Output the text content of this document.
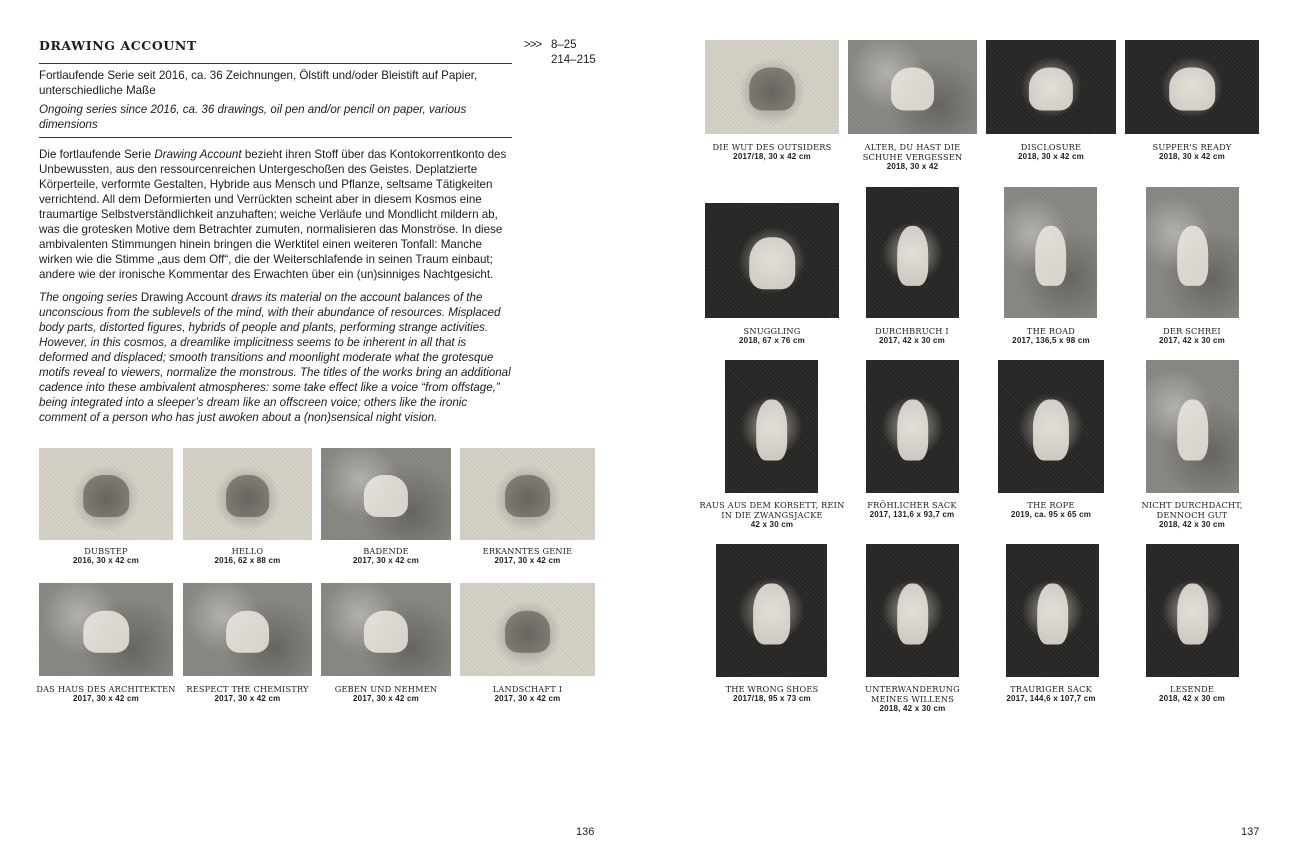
DRAWING ACCOUNT	>>> 8–25
214–215
Fortlaufende Serie seit 2016, ca. 36 Zeichnungen, Ölstift und/oder Bleistift auf Papier, unterschiedliche Maße
Ongoing series since 2016, ca. 36 drawings, oil pen and/or pencil on paper, various dimensions
Die fortlaufende Serie Drawing Account bezieht ihren Stoff über das Kontokorrentkonto des Unbewussten, aus den ressourcenreichen Untergeschoßen des Geistes. Deplatzierte Körperteile, verformte Gestalten, Hybride aus Mensch und Pflanze, seltsame Tätigkeiten verrichtend. All dem Deformierten und Verrückten scheint aber in diesem Kosmos eine traumartige Selbstverständlichkeit anzuhaften; weiche Verläufe und Mondlicht mildern ab, was die grotesken Motive dem Betrachter zumuten, normalisieren das Monströse. In diese ambivalenten Stimmungen hinein bringen die Werktitel einen weiteren Tonfall: Manche wirken wie die Stimme „aus dem Off“, die der Weiterschlafende in seinen Traum einbaut; andere wie der ironische Kommentar des Erwachten über ein (un)sinniges Nachtgesicht.
The ongoing series Drawing Account draws its material on the account balances of the unconscious from the sublevels of the mind, with their abundance of resources. Misplaced body parts, distorted figures, hybrids of people and plants, performing strange activities. However, in this cosmos, a dreamlike implicitness seems to be inherent in all that is deformed and displaced; smooth transitions and moonlight moderate what the grotesque motifs reveal to viewers, normalize the monstrous. The titles of the works bring an additional cadence into these ambivalent atmospheres: some take effect like a voice “from offstage,” being integrated into a sleeper’s dream like an offscreen voice; others like the ironic comment of a person who has just awoken about a (non)sensical night vision.
DUBSTEP
2016, 30 x 42 cm
HELLO
2016, 62 x 88 cm
BADENDE
2017, 30 x 42 cm
ERKANNTES GENIE
2017, 30 x 42 cm
DAS HAUS DES ARCHITEKTEN
2017, 30 x 42 cm
RESPECT THE CHEMISTRY
2017, 30 x 42 cm
GEBEN UND NEHMEN
2017, 30 x 42 cm
LANDSCHAFT I
2017, 30 x 42 cm
136
DIE WUT DES OUTSIDERS
2017/18, 30 x 42 cm
ALTER, DU HAST DIE SCHUHE VERGESSEN
2018, 30 x 42
DISCLOSURE
2018, 30 x 42 cm
SUPPER'S READY
2018, 30 x 42 cm
SNUGGLING
2018, 67 x 76 cm
DURCHBRUCH I
2017, 42 x 30 cm
THE ROAD
2017, 136,5 x 98 cm
DER SCHREI
2017, 42 x 30 cm
RAUS AUS DEM KORSETT, REIN IN DIE ZWANGSJACKE
42 x 30 cm
FRÖHLICHER SACK
2017, 131,6 x 93,7 cm
THE ROPE
2019, ca. 95 x 65 cm
NICHT DURCHDACHT, DENNOCH GUT
2018, 42 x 30 cm
THE WRONG SHOES
2017/18, 95 x 73 cm
UNTERWANDERUNG MEINES WILLENS
2018, 42 x 30 cm
TRAURIGER SACK
2017, 144,6 x 107,7 cm
LESENDE
2018, 42 x 30 cm
137
